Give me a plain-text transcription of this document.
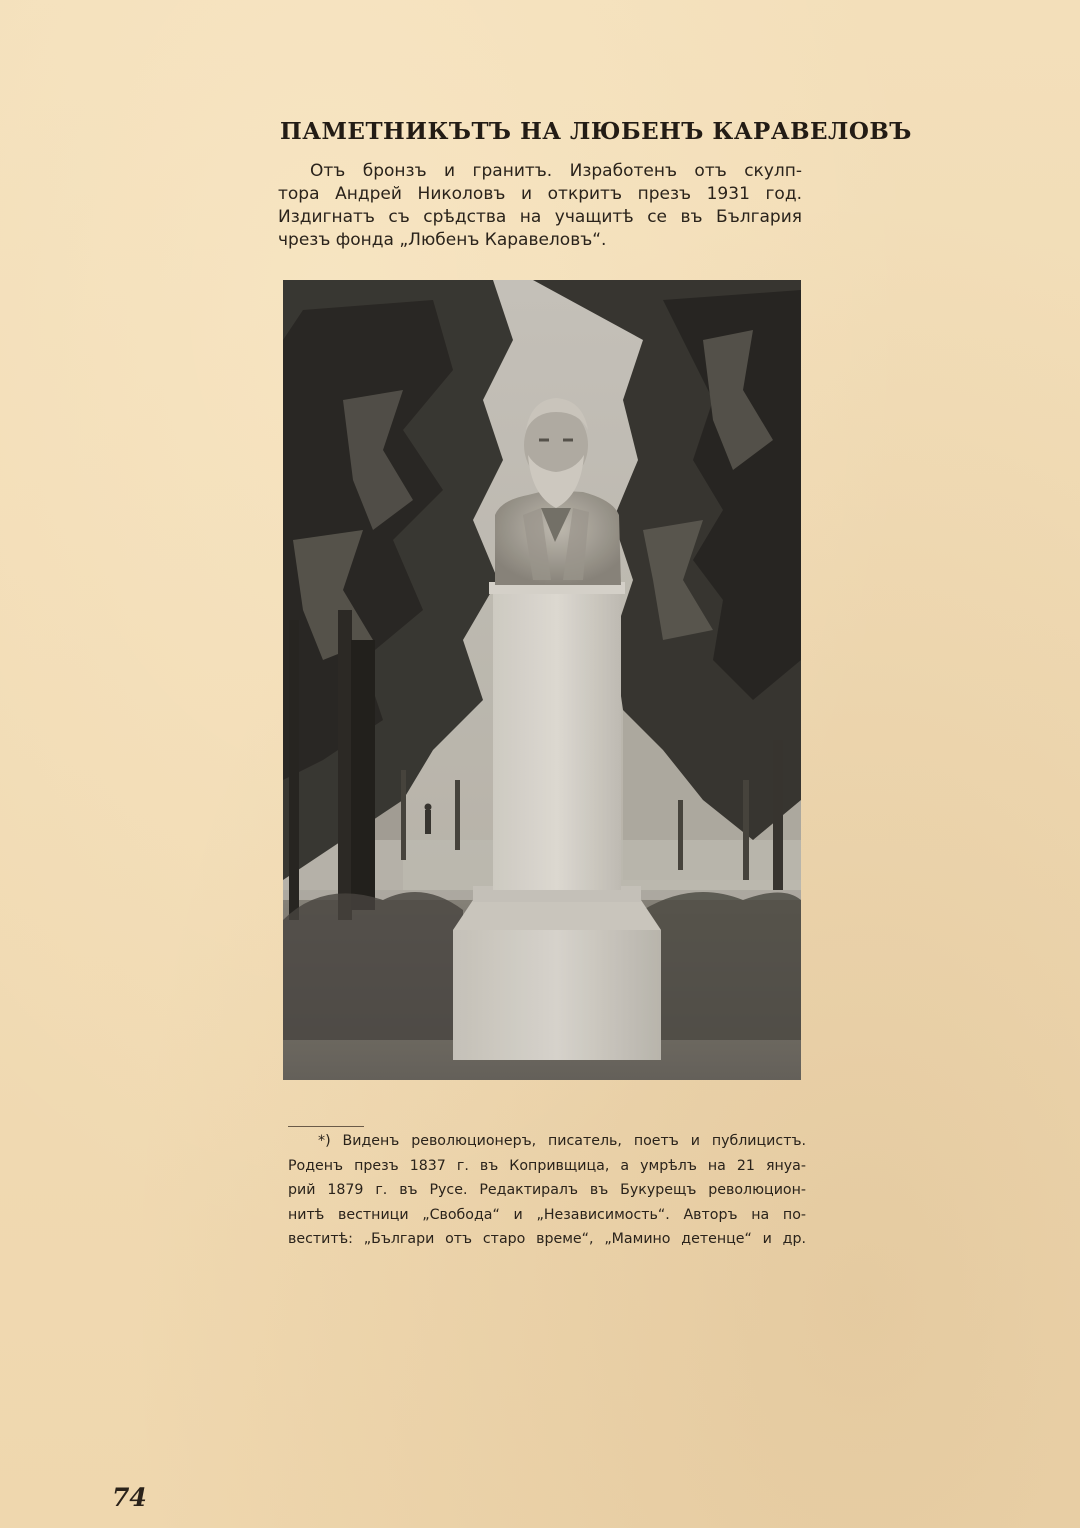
ПАМЕТНИКЪТЪ НА ЛЮБЕНЪ КАРАВЕЛОВЪ
Отъ бронзъ и гранитъ. Изработенъ отъ скулп-
тора Андрей Николовъ и откритъ презъ 1931 год.
Издигнатъ съ срѣдства на учащитѣ се въ България
чрезъ фонда „Любенъ Каравеловъ“.
*) Виденъ революционеръ, писатель, поетъ и публицистъ.
Роденъ презъ 1837 г. въ Копривщица, а умрѣлъ на 21 януа-
рий 1879 г. въ Русе. Редактиралъ въ Букурещъ революцион-
нитѣ вестници „Свобода“ и „Независимость“. Авторъ на по-
веститѣ: „Българи отъ старо време“, „Мамино детенце“ и др.
74
